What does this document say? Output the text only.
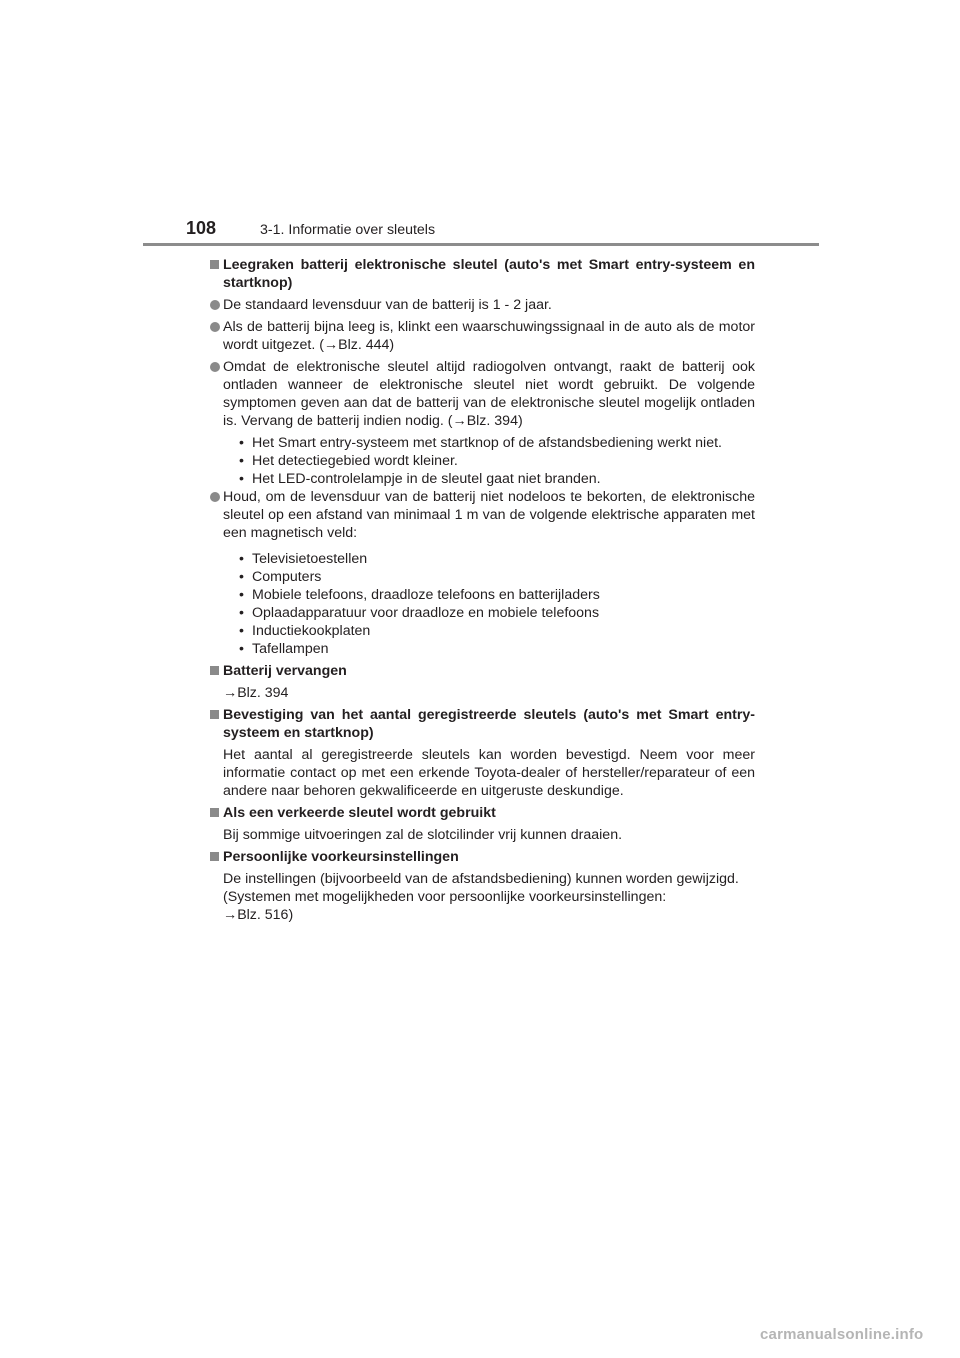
108	3-1. Informatie over sleutels
Leegraken batterij elektronische sleutel (auto's met Smart entry-systeem en startknop)
De standaard levensduur van de batterij is 1 - 2 jaar.
Als de batterij bijna leeg is, klinkt een waarschuwingssignaal in de auto als de motor wordt uitgezet. (→Blz. 444)
Omdat de elektronische sleutel altijd radiogolven ontvangt, raakt de batterij ook ontladen wanneer de elektronische sleutel niet wordt gebruikt. De volgende symptomen geven aan dat de batterij van de elektronische sleutel mogelijk ontladen is. Vervang de batterij indien nodig. (→Blz. 394)
• Het Smart entry-systeem met startknop of de afstandsbediening werkt niet.
• Het detectiegebied wordt kleiner.
• Het LED-controlelampje in de sleutel gaat niet branden.
Houd, om de levensduur van de batterij niet nodeloos te bekorten, de elektronische sleutel op een afstand van minimaal 1 m van de volgende elektrische apparaten met een magnetisch veld:
• Televisietoestellen
• Computers
• Mobiele telefoons, draadloze telefoons en batterijladers
• Oplaadapparatuur voor draadloze en mobiele telefoons
• Inductiekookplaten
• Tafellampen
Batterij vervangen
→Blz. 394
Bevestiging van het aantal geregistreerde sleutels (auto's met Smart entry-systeem en startknop)
Het aantal al geregistreerde sleutels kan worden bevestigd. Neem voor meer informatie contact op met een erkende Toyota-dealer of hersteller/reparateur of een andere naar behoren gekwalificeerde en uitgeruste deskundige.
Als een verkeerde sleutel wordt gebruikt
Bij sommige uitvoeringen zal de slotcilinder vrij kunnen draaien.
Persoonlijke voorkeursinstellingen
De instellingen (bijvoorbeeld van de afstandsbediening) kunnen worden gewijzigd.
(Systemen met mogelijkheden voor persoonlijke voorkeursinstellingen:
→Blz. 516)
carmanualsonline.info
